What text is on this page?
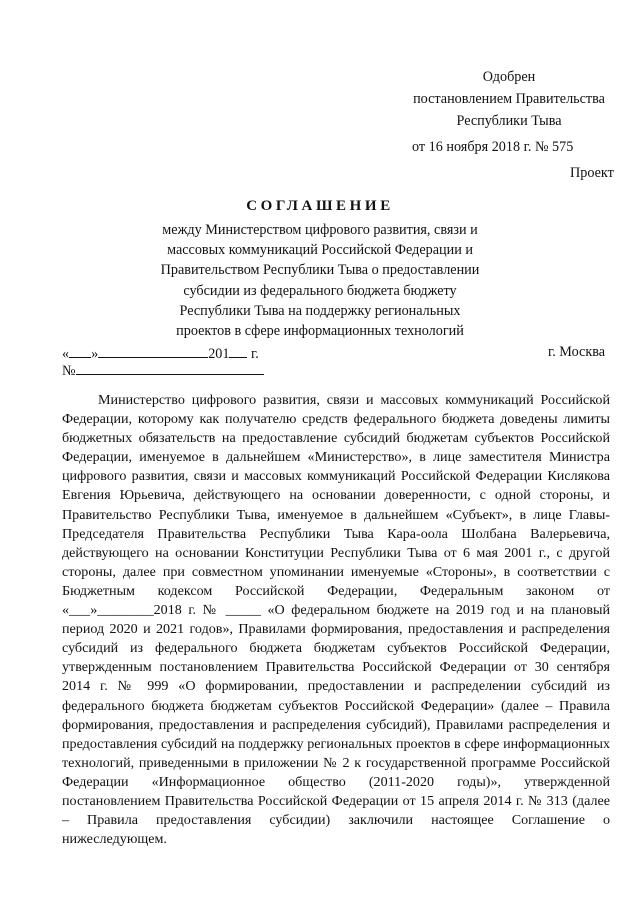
Одобрен
постановлением Правительства
Республики Тыва
от 16 ноября 2018 г. № 575
Проект
СОГЛАШЕНИЕ
между Министерством цифрового развития, связи и
массовых коммуникаций Российской Федерации и
Правительством Республики Тыва о предоставлении
субсидии из федерального бюджета бюджету
Республики Тыва на поддержку региональных
проектов в сфере информационных технологий
« »	201 г.	г. Москва
№

Министерство цифрового развития, связи и массовых коммуникаций Российской Федерации, которому как получателю средств федерального бюджета доведены лимиты бюджетных обязательств на предоставление субсидий бюджетам субъектов Российской Федерации, именуемое в дальнейшем «Министерство», в лице заместителя Министра цифрового развития, связи и массовых коммуникаций Российской Федерации Кислякова Евгения Юрьевича, действующего на основании доверенности, с одной стороны, и Правительство Республики Тыва, именуемое в дальнейшем «Субъект», в лице Главы-Председателя Правительства Республики Тыва Кара-оола Шолбана Валерьевича, действующего на основании Конституции Республики Тыва от 6 мая 2001 г., с другой стороны, далее при совместном упоминании именуемые «Стороны», в соответствии с Бюджетным кодексом Российской Федерации, Федеральным законом от «___»________2018 г. № _____ «О федеральном бюджете на 2019 год и на плановый период 2020 и 2021 годов», Правилами формирования, предоставления и распределения субсидий из федерального бюджета бюджетам субъектов Российской Федерации, утвержденным постановлением Правительства Российской Федерации от 30 сентября 2014 г. № 999 «О формировании, предоставлении и распределении субсидий из федерального бюджета бюджетам субъектов Российской Федерации» (далее – Правила формирования, предоставления и распределения субсидий), Правилами распределения и предоставления субсидий на поддержку региональных проектов в сфере информационных технологий, приведенными в приложении № 2 к государственной программе Российской Федерации «Информационное общество (2011-2020 годы)», утвержденной постановлением Правительства Российской Федерации от 15 апреля 2014 г. № 313 (далее – Правила предоставления субсидии) заключили настоящее Соглашение о нижеследующем.
